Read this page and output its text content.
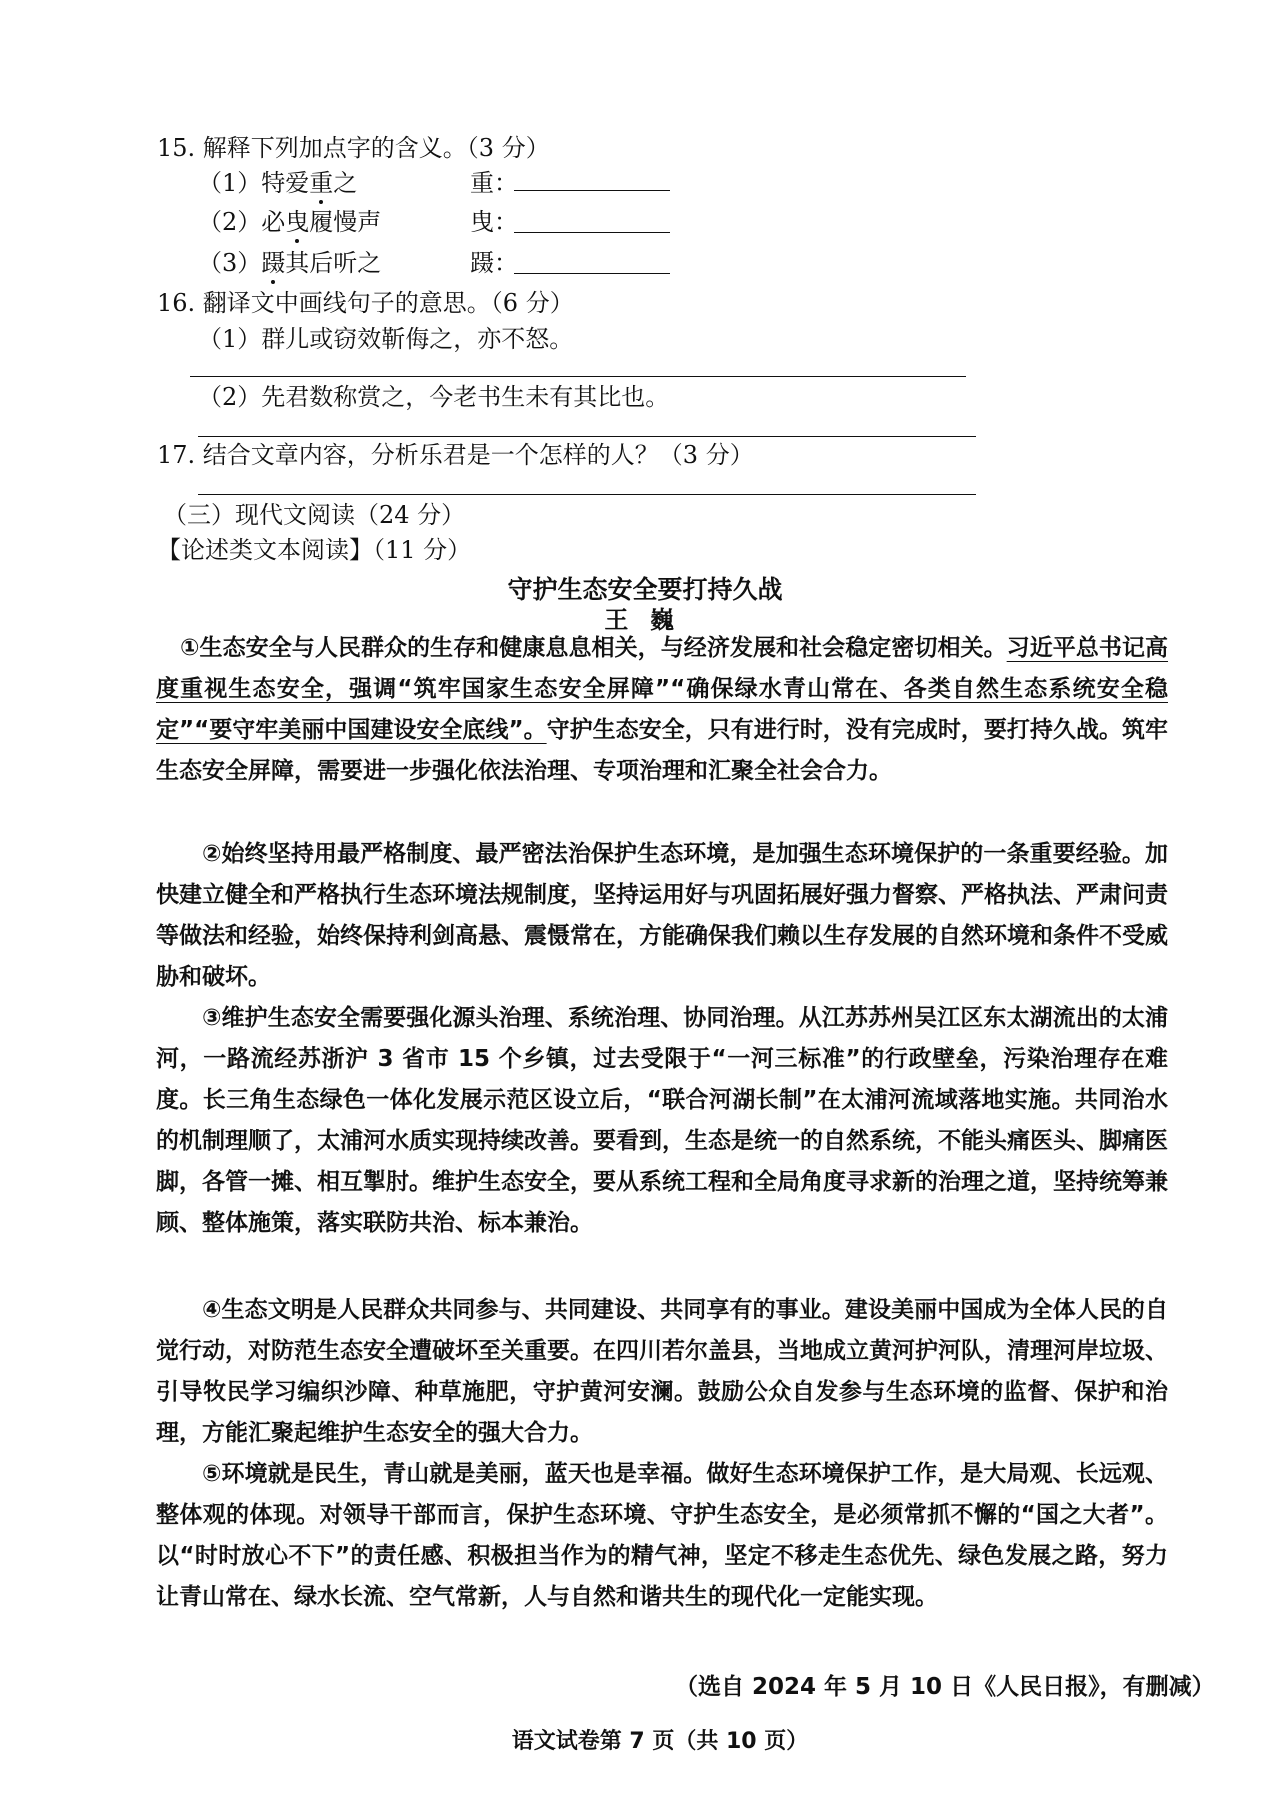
15. 解释下列加点字的含义。（3 分）
（1）特爱重之	重：
（2）必曳履慢声	曳：
（3）蹑其后听之	蹑：
16. 翻译文中画线句子的意思。（6 分）
（1）群儿或窃效靳侮之，亦不怒。
（2）先君数称赏之，今老书生未有其比也。
17. 结合文章内容，分析乐君是一个怎样的人？（3 分）
（三）现代文阅读（24 分）
【论述类文本阅读】（11 分）
守护生态安全要打持久战
王巍
①生态安全与人民群众的生存和健康息息相关，与经济发展和社会稳定密切相关。习近平总书记高度重视生态安全，强调“筑牢国家生态安全屏障”“确保绿水青山常在、各类自然生态系统安全稳定”“要守牢美丽中国建设安全底线”。守护生态安全，只有进行时，没有完成时，要打持久战。筑牢生态安全屏障，需要进一步强化依法治理、专项治理和汇聚全社会合力。
②始终坚持用最严格制度、最严密法治保护生态环境，是加强生态环境保护的一条重要经验。加快建立健全和严格执行生态环境法规制度，坚持运用好与巩固拓展好强力督察、严格执法、严肃问责等做法和经验，始终保持利剑高悬、震慑常在，方能确保我们赖以生存发展的自然环境和条件不受威胁和破坏。
③维护生态安全需要强化源头治理、系统治理、协同治理。从江苏苏州吴江区东太湖流出的太浦河，一路流经苏浙沪 3 省市 15 个乡镇，过去受限于“一河三标准”的行政壁垒，污染治理存在难度。长三角生态绿色一体化发展示范区设立后，“联合河湖长制”在太浦河流域落地实施。共同治水的机制理顺了，太浦河水质实现持续改善。要看到，生态是统一的自然系统，不能头痛医头、脚痛医脚，各管一摊、相互掣肘。维护生态安全，要从系统工程和全局角度寻求新的治理之道，坚持统筹兼顾、整体施策，落实联防共治、标本兼治。
④生态文明是人民群众共同参与、共同建设、共同享有的事业。建设美丽中国成为全体人民的自觉行动，对防范生态安全遭破坏至关重要。在四川若尔盖县，当地成立黄河护河队，清理河岸垃圾、引导牧民学习编织沙障、种草施肥，守护黄河安澜。鼓励公众自发参与生态环境的监督、保护和治理，方能汇聚起维护生态安全的强大合力。
⑤环境就是民生，青山就是美丽，蓝天也是幸福。做好生态环境保护工作，是大局观、长远观、整体观的体现。对领导干部而言，保护生态环境、守护生态安全，是必须常抓不懈的“国之大者”。以“时时放心不下”的责任感、积极担当作为的精气神，坚定不移走生态优先、绿色发展之路，努力让青山常在、绿水长流、空气常新，人与自然和谐共生的现代化一定能实现。
（选自 2024 年 5 月 10 日《人民日报》，有删减）
语文试卷第 7 页（共 10 页）
